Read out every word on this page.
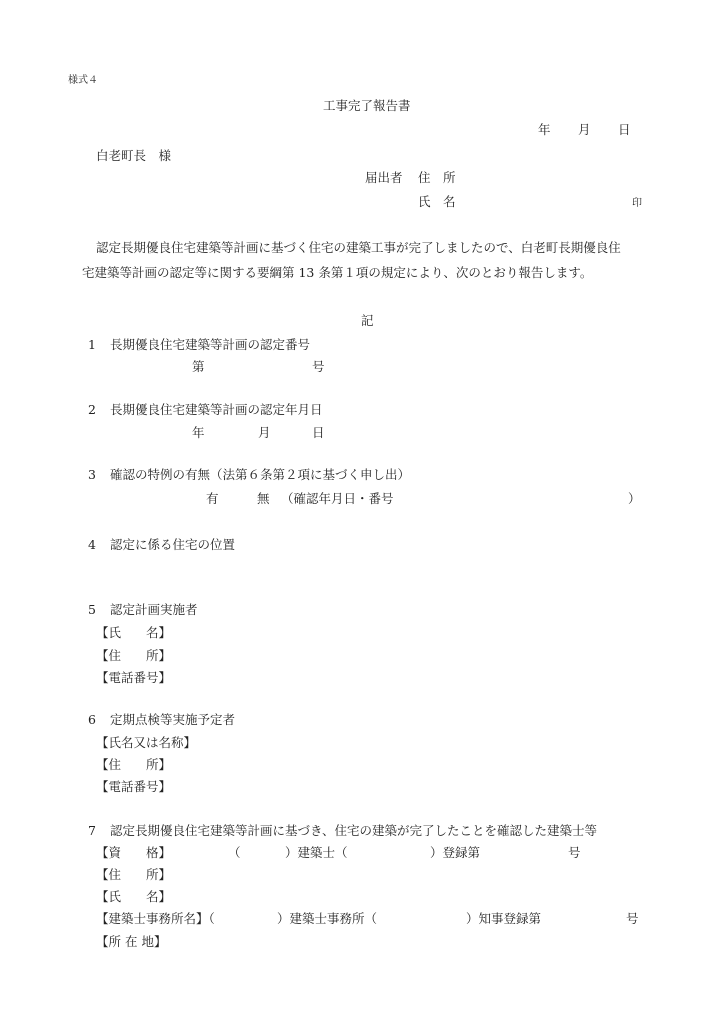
様式４
工事完了報告書
年 月 日
白老町長　様
届出者 住　所
氏　名	印
認定長期優良住宅建築等計画に基づく住宅の建築工事が完了しましたので、白老町長期優良住
宅建築等計画の認定等に関する要綱第 13 条第１項の規定により、次のとおり報告します。
記
1 長期優良住宅建築等計画の認定番号
第	号
2 長期優良住宅建築等計画の認定年月日
年	月	日
3 確認の特例の有無（法第６条第２項に基づく申し出）
有	無 （確認年月日・番号	）
4 認定に係る住宅の位置
5 認定計画実施者
【氏　　名】
【住　　所】
【電話番号】
6 定期点検等実施予定者
【氏名又は名称】
【住　　所】
【電話番号】
7 認定長期優良住宅建築等計画に基づき、住宅の建築が完了したことを確認した建築士等
【資　　格】	（	）建築士（	）登録第	号
【住　　所】
【氏　　名】
【建築士事務所名】（	）建築士事務所（	）知事登録第	号
【所 在 地】
